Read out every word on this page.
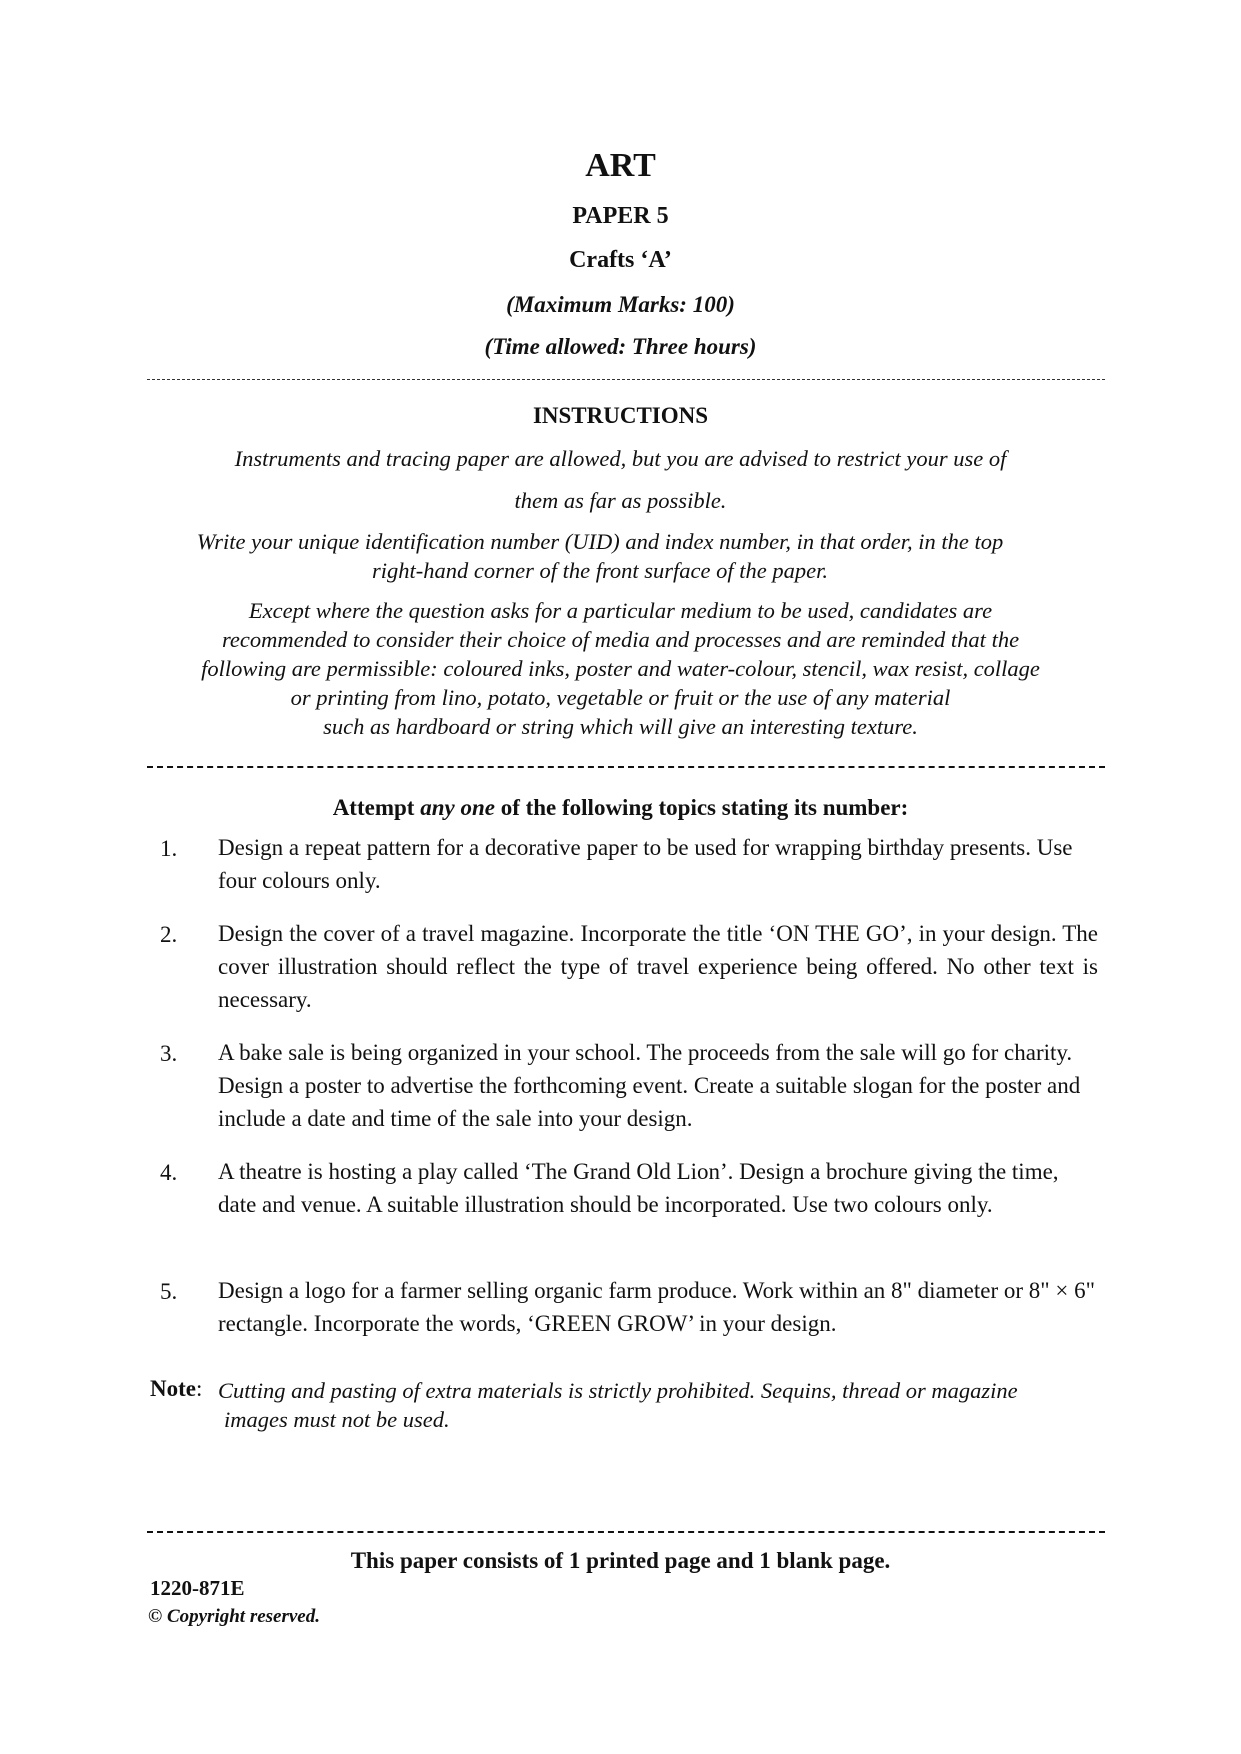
ART
PAPER 5
Crafts ‘A’
(Maximum Marks: 100)
(Time allowed: Three hours)
INSTRUCTIONS
Instruments and tracing paper are allowed, but you are advised to restrict your use of
them as far as possible.
Write your unique identification number (UID) and index number, in that order, in the top
right-hand corner of the front surface of the paper.
Except where the question asks for a particular medium to be used, candidates are
recommended to consider their choice of media and processes and are reminded that the
following are permissible: coloured inks, poster and water-colour, stencil, wax resist, collage
or printing from lino, potato, vegetable or fruit or the use of any material
such as hardboard or string which will give an interesting texture.
Attempt any one of the following topics stating its number:
1. Design a repeat pattern for a decorative paper to be used for wrapping birthday presents. Use four colours only.
2. Design the cover of a travel magazine. Incorporate the title ‘ON THE GO’, in your design. The cover illustration should reflect the type of travel experience being offered. No other text is necessary.
3. A bake sale is being organized in your school. The proceeds from the sale will go for charity. Design a poster to advertise the forthcoming event. Create a suitable slogan for the poster and include a date and time of the sale into your design.
4. A theatre is hosting a play called ‘The Grand Old Lion’. Design a brochure giving the time, date and venue. A suitable illustration should be incorporated. Use two colours only.
5. Design a logo for a farmer selling organic farm produce. Work within an 8" diameter or 8" × 6" rectangle. Incorporate the words, ‘GREEN GROW’ in your design.
Note: Cutting and pasting of extra materials is strictly prohibited. Sequins, thread or magazine
images must not be used.
This paper consists of 1 printed page and 1 blank page.
1220-871E
© Copyright reserved.
